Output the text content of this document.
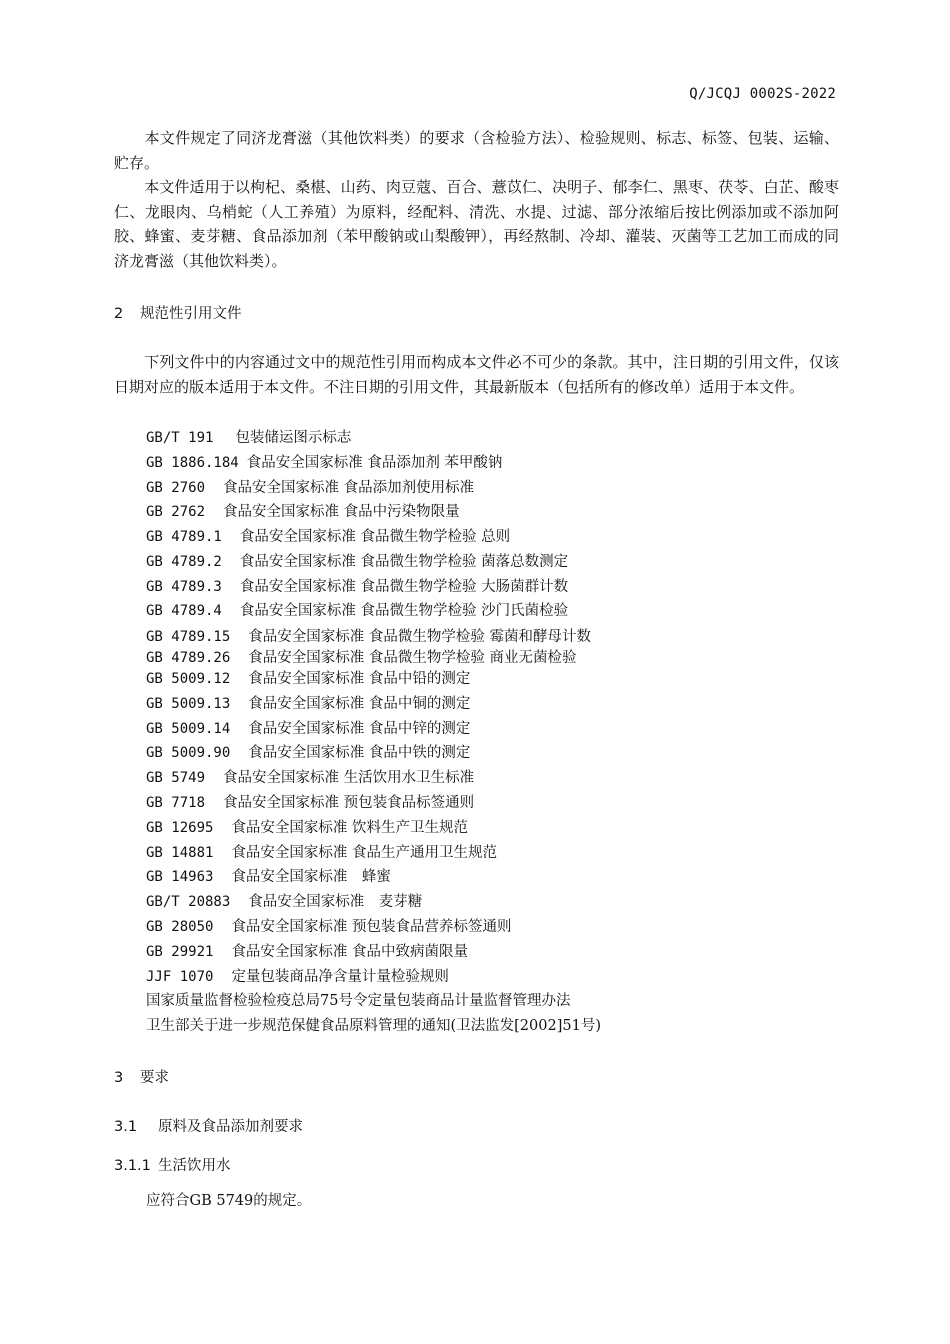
Q/JCQJ 0002S-2022

　　本文件规定了同济龙膏滋（其他饮料类）的要求（含检验方法）、检验规则、标志、标签、包装、运输、贮存。

　　本文件适用于以枸杞、桑椹、山药、肉豆蔻、百合、薏苡仁、决明子、郁李仁、黑枣、茯苓、白芷、酸枣仁、龙眼肉、乌梢蛇（人工养殖）为原料，经配料、清洗、水提、过滤、部分浓缩后按比例添加或不添加阿胶、蜂蜜、麦芽糖、食品添加剂（苯甲酸钠或山梨酸钾），再经熬制、冷却、灌装、灭菌等工艺加工而成的同济龙膏滋（其他饮料类）。

2 规范性引用文件

　　下列文件中的内容通过文中的规范性引用而构成本文件必不可少的条款。其中，注日期的引用文件，仅该日期对应的版本适用于本文件。不注日期的引用文件，其最新版本（包括所有的修改单）适用于本文件。

GB/T 191 包装储运图示标志

GB 1886.184 食品安全国家标准 食品添加剂 苯甲酸钠

GB 2760 食品安全国家标准 食品添加剂使用标准

GB 2762 食品安全国家标准 食品中污染物限量

GB 4789.1 食品安全国家标准 食品微生物学检验 总则

GB 4789.2 食品安全国家标准 食品微生物学检验 菌落总数测定

GB 4789.3 食品安全国家标准 食品微生物学检验 大肠菌群计数

GB 4789.4 食品安全国家标准 食品微生物学检验 沙门氏菌检验

GB 4789.15 食品安全国家标准 食品微生物学检验 霉菌和酵母计数

GB 4789.26 食品安全国家标准 食品微生物学检验 商业无菌检验

GB 5009.12 食品安全国家标准 食品中铅的测定

GB 5009.13 食品安全国家标准 食品中铜的测定

GB 5009.14 食品安全国家标准 食品中锌的测定

GB 5009.90 食品安全国家标准 食品中铁的测定

GB 5749 食品安全国家标准 生活饮用水卫生标准

GB 7718 食品安全国家标准 预包装食品标签通则

GB 12695 食品安全国家标准 饮料生产卫生规范

GB 14881 食品安全国家标准 食品生产通用卫生规范

GB 14963 食品安全国家标准　蜂蜜

GB/T 20883 食品安全国家标准　麦芽糖

GB 28050 食品安全国家标准 预包装食品营养标签通则

GB 29921 食品安全国家标准 食品中致病菌限量

JJF 1070 定量包装商品净含量计量检验规则

国家质量监督检验检疫总局75号令定量包装商品计量监督管理办法

卫生部关于进一步规范保健食品原料管理的通知(卫法监发[2002]51号)

3 要求
3.1 原料及食品添加剂要求
3.1.1 生活饮用水

应符合GB 5749的规定。
